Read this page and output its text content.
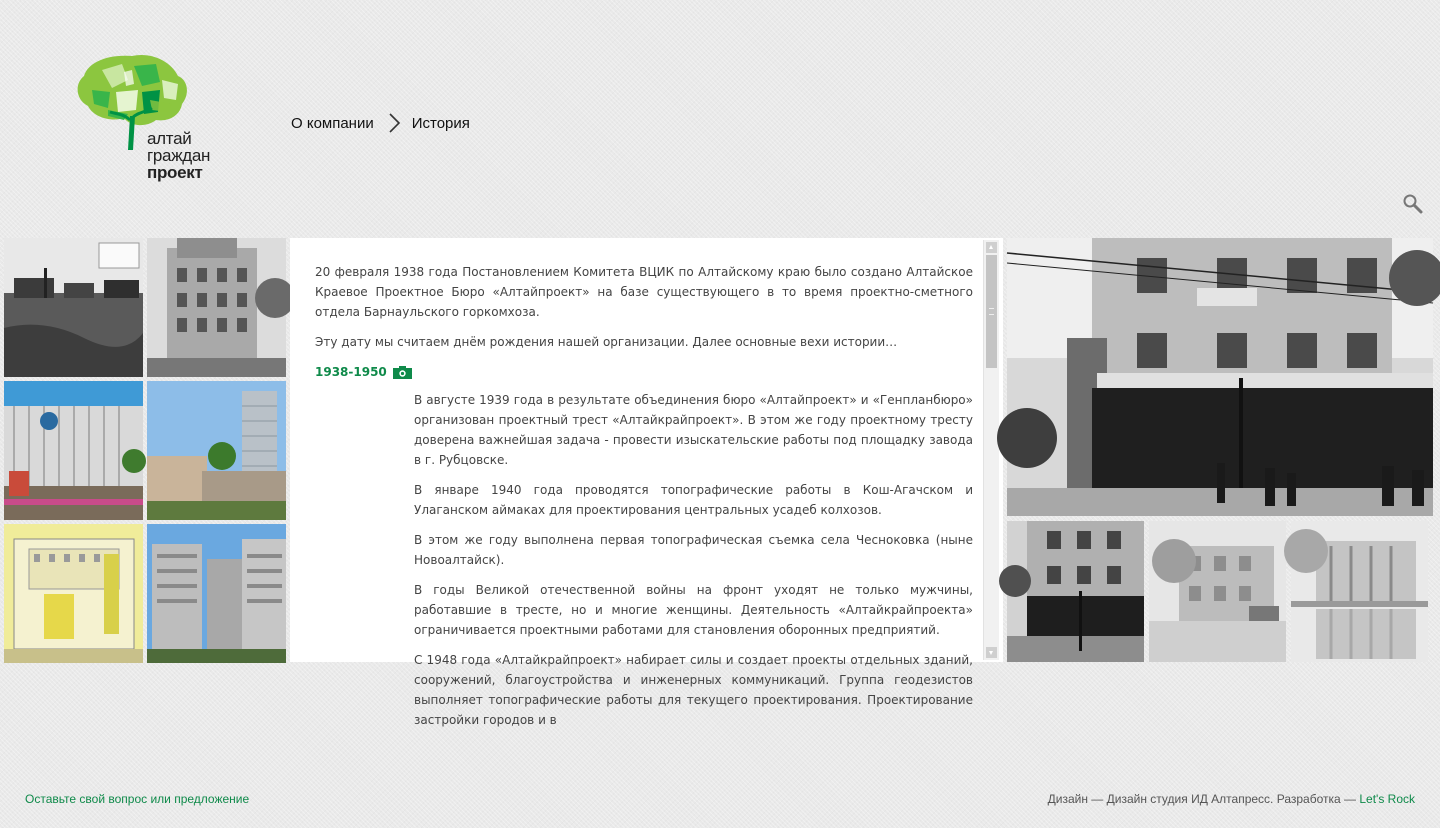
алтай
граждан
проект
О компании	История

20 февраля 1938 года Постановлением Комитета ВЦИК по Алтайскому краю было создано Алтайское Краевое Проектное Бюро «Алтайпроект» на базе существующего в то время проектно-сметного отдела Барнаульского горкомхоза.

Эту дату мы считаем днём рождения нашей организации. Далее основные вехи истории…

1938-1950

В августе 1939 года в результате объединения бюро «Алтайпроект» и «Генпланбюро» организован проектный трест «Алтайкрайпроект». В этом же году проектному тресту доверена важнейшая задача - провести изыскательские работы под площадку завода в г. Рубцовске.

В январе 1940 года проводятся топографические работы в Кош-Агачском и Улаганском аймаках для проектирования центральных усадеб колхозов.

В этом же году выполнена первая топографическая съемка села Чесноковка (ныне Новоалтайск).

В годы Великой отечественной войны на фронт уходят не только мужчины, работавшие в тресте, но и многие женщины. Деятельность «Алтайкрайпроекта» ограничивается проектными работами для становления оборонных предприятий.

С 1948 года «Алтайкрайпроект» набирает силы и создает проекты отдельных зданий, сооружений, благоустройства и инженерных коммуникаций. Группа геодезистов выполняет топографические работы для текущего проектирования. Проектирование застройки городов и в

Оставьте свой вопрос или предложение	Дизайн — Дизайн студия ИД Алтапресс. Разработка — Let's Rock
